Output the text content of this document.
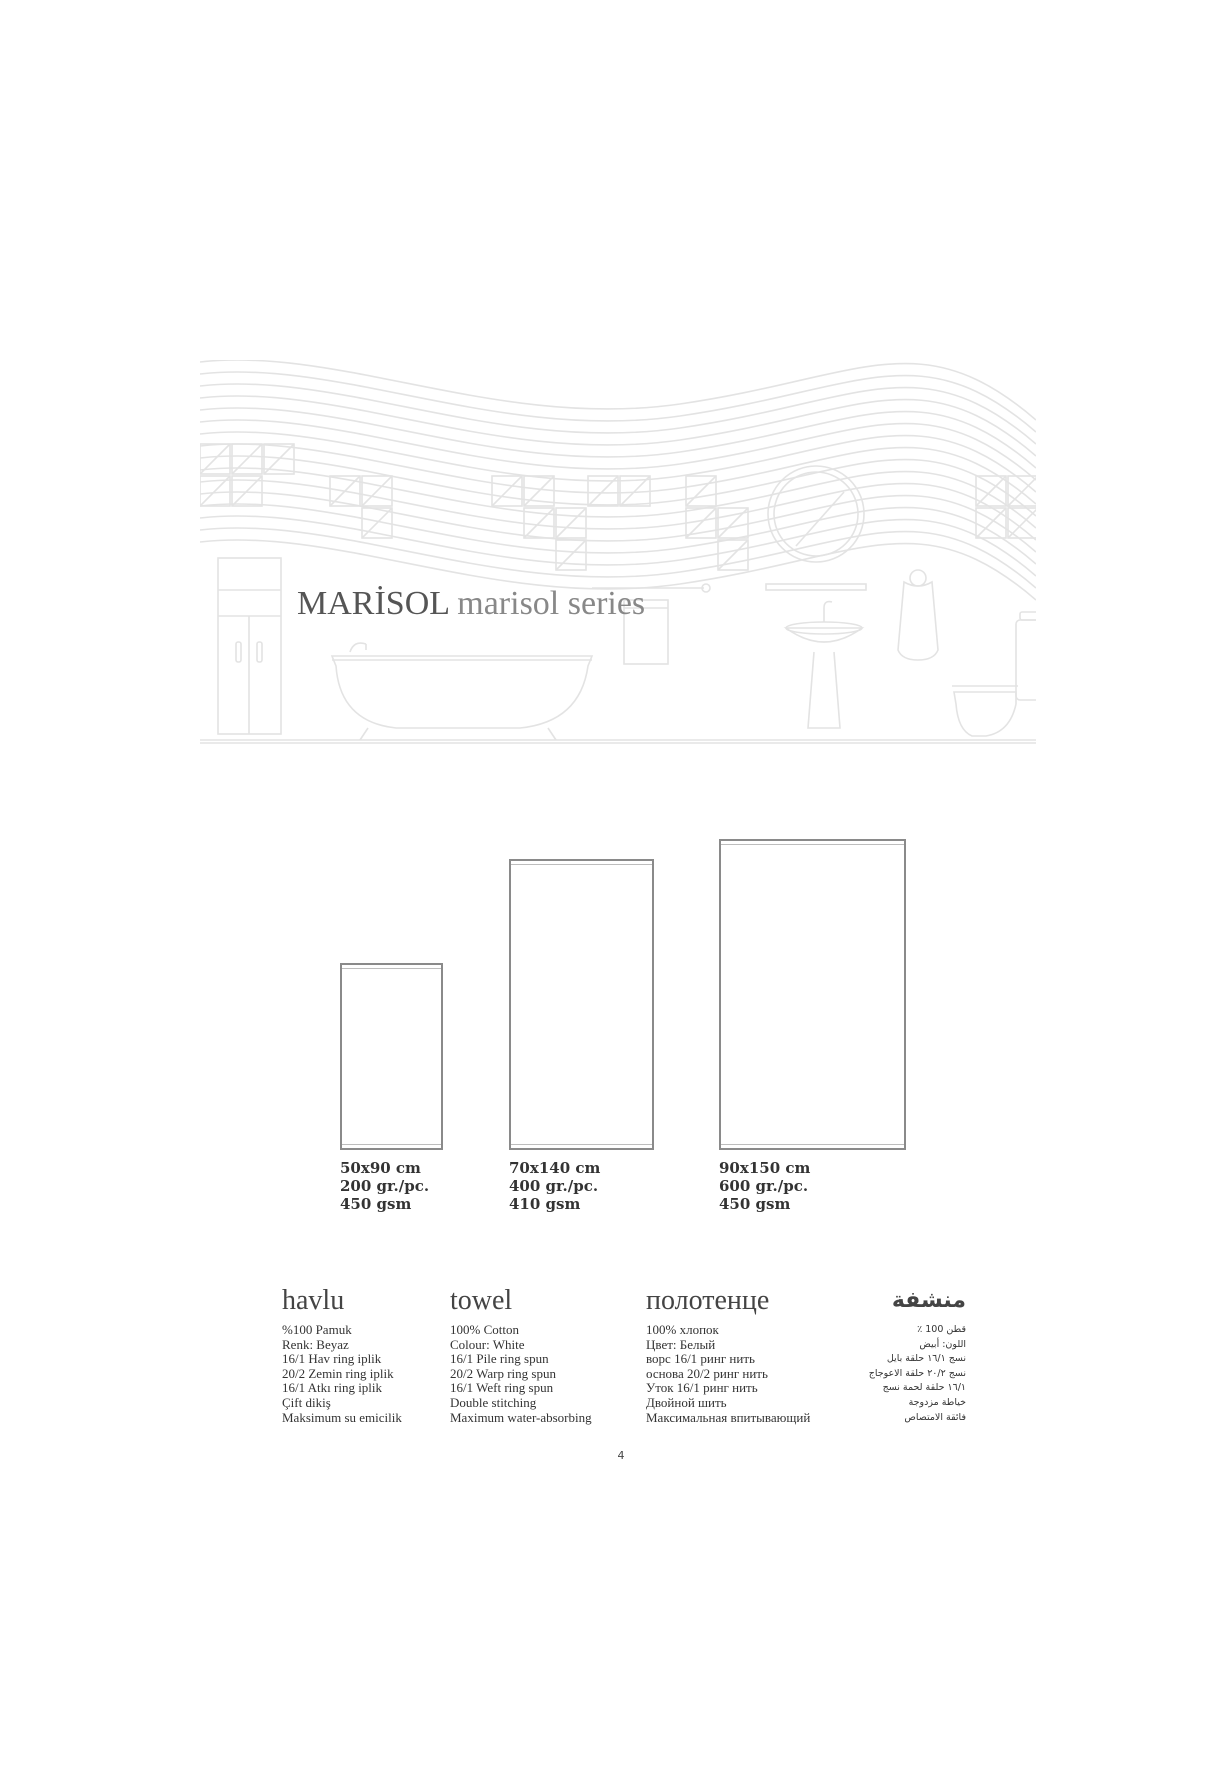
MARİSOL marisol series
50x90 cm
200 gr./pc.
450 gsm
70x140 cm
400 gr./pc.
410 gsm
90x150 cm
600 gr./pc.
450 gsm
havlu
%100 Pamuk
Renk: Beyaz
16/1 Hav ring iplik
20/2 Zemin ring iplik
16/1 Atkı ring iplik
Çift dikiş
Maksimum su emicilik
towel
100% Cotton
Colour: White
16/1 Pile ring spun
20/2 Warp ring spun
16/1 Weft ring spun
Double stitching
Maximum water-absorbing
полотенце
100% хлопок
Цвет: Белый
ворс 16/1 ринг нить
основа 20/2 ринг нить
Уток 16/1 ринг нить
Двойной шить
Максимальная впитывающий
منشفة
قطن 100 ٪
اللون: أبيض
نسج ١٦/١ حلقة بايل
نسج ٢٠/٢ حلقة الاعوجاج
١٦/١ حلقة لحمة نسج
خياطة مزدوجة
فائقة الامتصاص
4
